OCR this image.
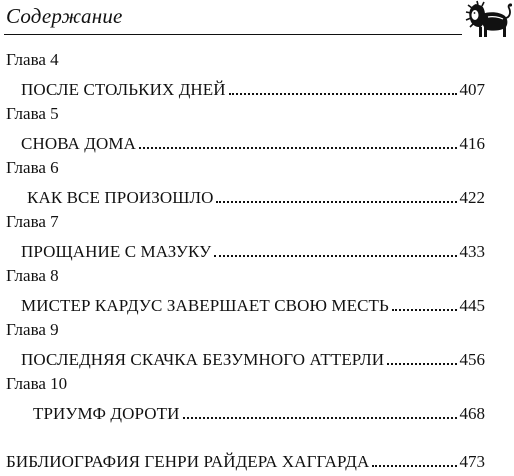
Содержание
Глава 4
ПОСЛЕ СТОЛЬКИХ ДНЕЙ	407
Глава 5
СНОВА ДОМА	416
Глава 6
КАК ВСЕ ПРОИЗОШЛО	422
Глава 7
ПРОЩАНИЕ С МАЗУКУ	433
Глава 8
МИСТЕР КАРДУС ЗАВЕРШАЕТ СВОЮ МЕСТЬ	445
Глава 9
ПОСЛЕДНЯЯ СКАЧКА БЕЗУМНОГО АТТЕРЛИ	456
Глава 10
ТРИУМФ ДОРОТИ	468
БИБЛИОГРАФИЯ ГЕНРИ РАЙДЕРА ХАГГАРДА	473
